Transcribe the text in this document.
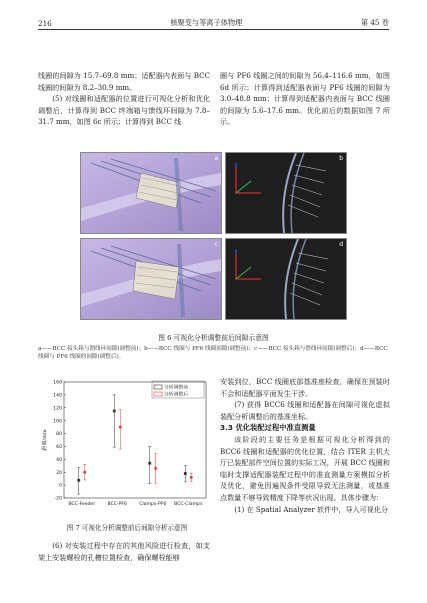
216	核聚变与等离子体物理	第 45 卷

线圈的间隙为 15.7–69.8 mm；适配器内表面与 BCC 线圈的间隙为 8.2–30.9 mm。

(5) 对线圈和适配器的位置进行可视化分析和优化调整后，计算得到 BCC 终端箱与馈线环间隙为 7.8–31.7 mm，如图 6c 所示；计算得到 BCC 线

圈与 PF6 线圈之间的间隙为 56.4–116.6 mm，如图 6d 所示；计算得到适配器表面与 PF6 线圈的间隙为 3.0–48.8 mm；计算得到适配器内表面与 BCC 线圈的间隙为 5.6–17.6 mm。优化前后的数据如图 7 所示。

a	b
c	d
图 6 可视化分析调整前后间隙示意图
a——BCC 接头箱与馈线环间隙(调整前)；b——BCC 线圈与 PF6 线圈间隙(调整前)；c——BCC 接头箱与馈线环间隙(调整后)；d——BCC 线圈与 PF6 线圈的间隙(调整后)。
-20
0
20
40
60
80
100
120
140
160
BCC-Feeder	BCC-PF6	Clamps-PF6 BCC-Clamps
距离/mm
分析调整前
分析调整后
图 7 可视化分析调整前后间隙分析示意图

(6) 对安装过程中存在的其他风险进行检查，如支架上安装螺栓的孔槽位置检查，确保螺栓能够

安装到位，BCC 线圈底部基准座检查，确保在预装时不会和适配器平面发生干涉。

(7) 获得 BCC6 线圈和适配器在间隙可视化虚拟装配分析调整后的基准坐标。

3.3 优化装配过程中准直测量

该阶段的主要任务是根据可视化分析得到的 BCC6 线圈和适配器的优化位置，结合 ITER 主机大厅已装配部件空间位置的实际工况，开展 BCC 线圈和临时支撑适配器装配过程中的准直测量方案模拟分析及优化，避免因遍视条件受限导致无法测量，或基准点数量不够导致精度下降等状况出现。具体步骤为：

(1) 在 Spatial Analyzer 软件中，导入可视化分
